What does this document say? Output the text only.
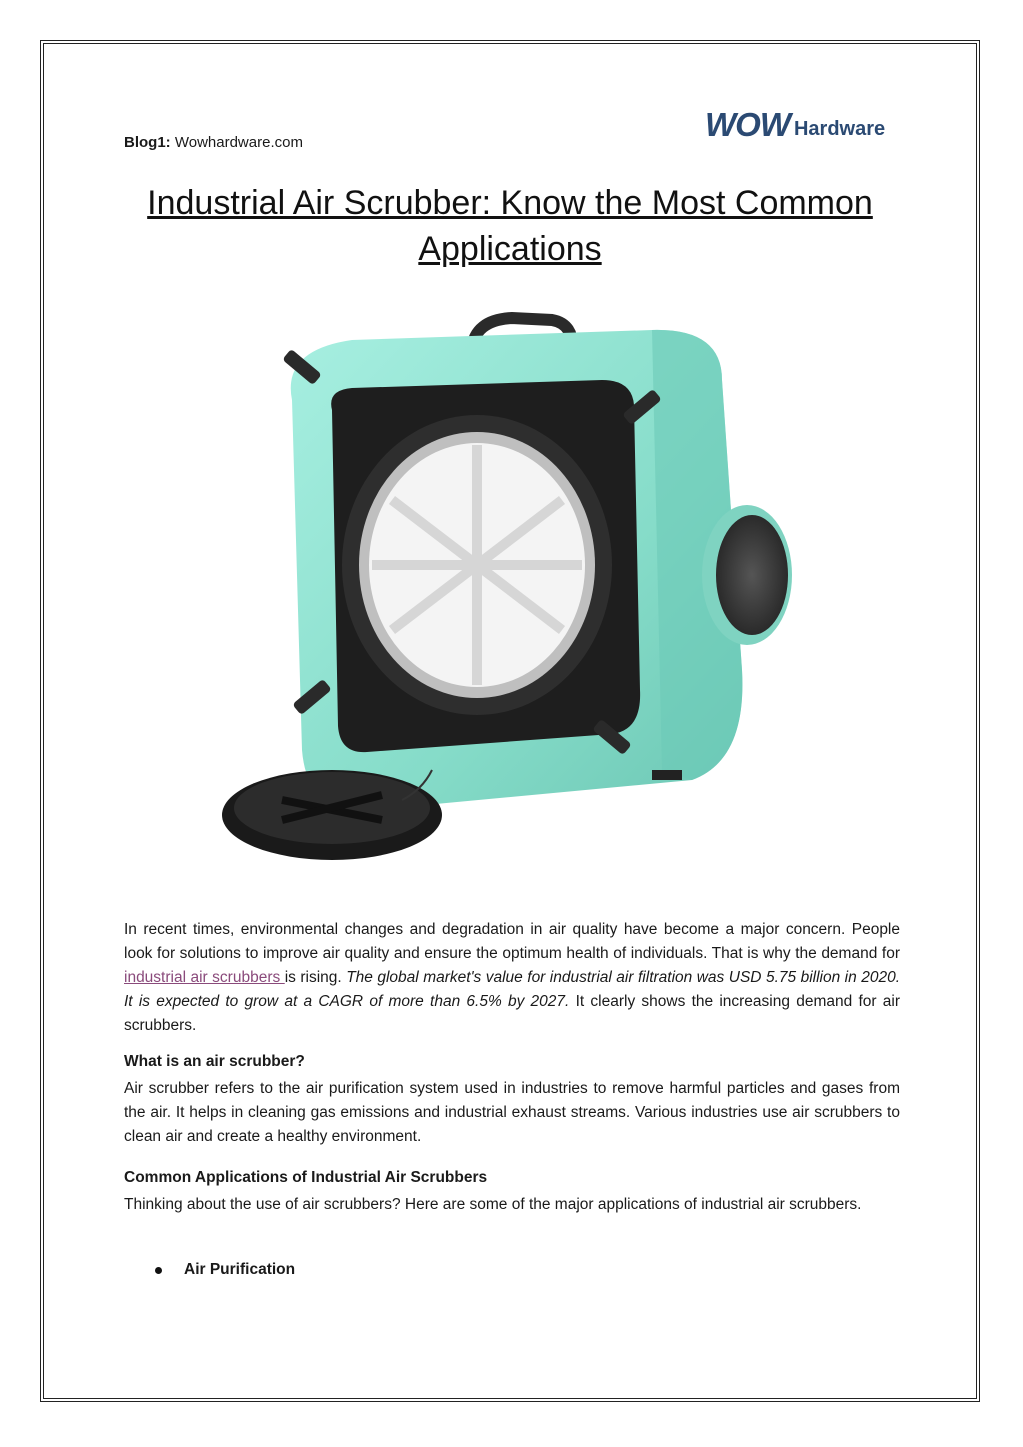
Blog1: Wowhardware.com	WOW Hardware
Industrial Air Scrubber: Know the Most Common Applications
In recent times, environmental changes and degradation in air quality have become a major concern. People look for solutions to improve air quality and ensure the optimum health of individuals. That is why the demand for industrial air scrubbers is rising. The global market's value for industrial air filtration was USD 5.75 billion in 2020. It is expected to grow at a CAGR of more than 6.5% by 2027. It clearly shows the increasing demand for air scrubbers.
What is an air scrubber?
Air scrubber refers to the air purification system used in industries to remove harmful particles and gases from the air. It helps in cleaning gas emissions and industrial exhaust streams. Various industries use air scrubbers to clean air and create a healthy environment.
Common Applications of Industrial Air Scrubbers
Thinking about the use of air scrubbers? Here are some of the major applications of industrial air scrubbers.
Air Purification
